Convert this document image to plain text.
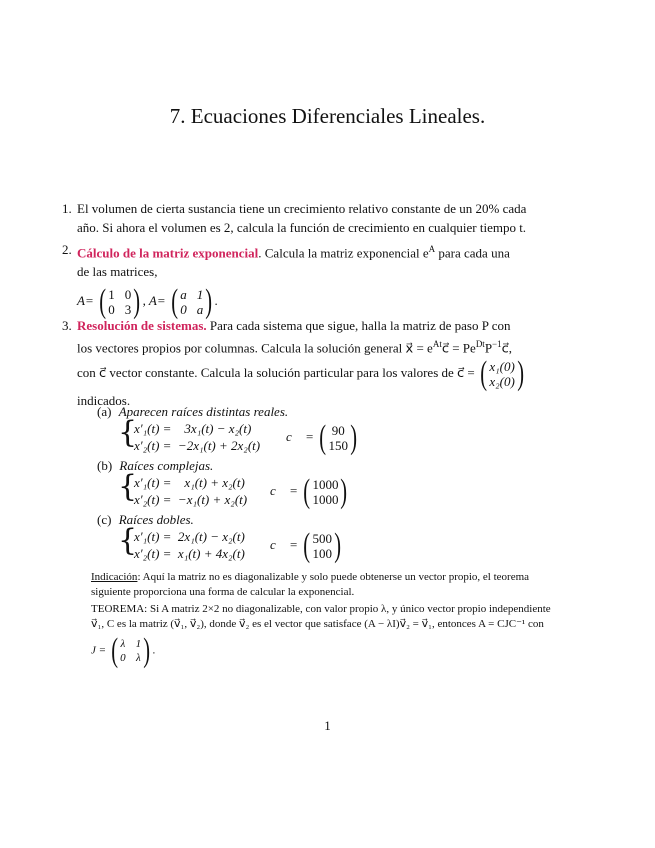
7. Ecuaciones Diferenciales Lineales.
1. El volumen de cierta sustancia tiene un crecimiento relativo constante de un 20% cada
año. Si ahora el volumen es 2, calcula la función de crecimiento en cualquier tiempo t.
2. Cálculo de la matriz exponencial. Calcula la matriz exponencial $e^A$ para cada una
de las matrices,
A= ( 1 0
0 3 ) , A= ( a 1
0 a ) .
3. Resolución de sistemas. Para cada sistema que sigue, halla la matriz de paso P con
los vectores propios por columnas. Calcula la solución general x⃗ = $e^{At}c⃗$ = $Pe^{Dt}P^{-1}c⃗$,
con c⃗ vector constante. Calcula la solución particular para los valores de c⃗ = ( x₁(0)
x₂(0) )
indicados.
(a) Aparecen raíces distintas reales.
{
x′₁(t) =    3x₁(t) − x₂(t)
x′₂(t) =  −2x₁(t) + 2x₂(t)
c⃗ = ( 90
150 )
(b) Raíces complejas.
{
x′₁(t) =    x₁(t) + x₂(t)
x′₂(t) =  −x₁(t) + x₂(t)
c⃗ = ( 1000
1000 )
(c) Raíces dobles.
{
x′₁(t) =  2x₁(t) − x₂(t)
x′₂(t) =  x₁(t) + 4x₂(t)
c⃗ = ( 500
100 )
Indicación: Aquí la matriz no es diagonalizable y solo puede obtenerse un vector propio, el teorema
siguiente proporciona una forma de calcular la exponencial.
TEOREMA: Si A matriz 2×2 no diagonalizable, con valor propio λ, y único vector propio independiente
v⃗₁, C es la matriz (v⃗₁, v⃗₂), donde v⃗₂ es el vector que satisface (A − λI)v⃗₂ = v⃗₁, entonces A = CJC⁻¹ con
J = ( λ 1
0 λ ) .
1
